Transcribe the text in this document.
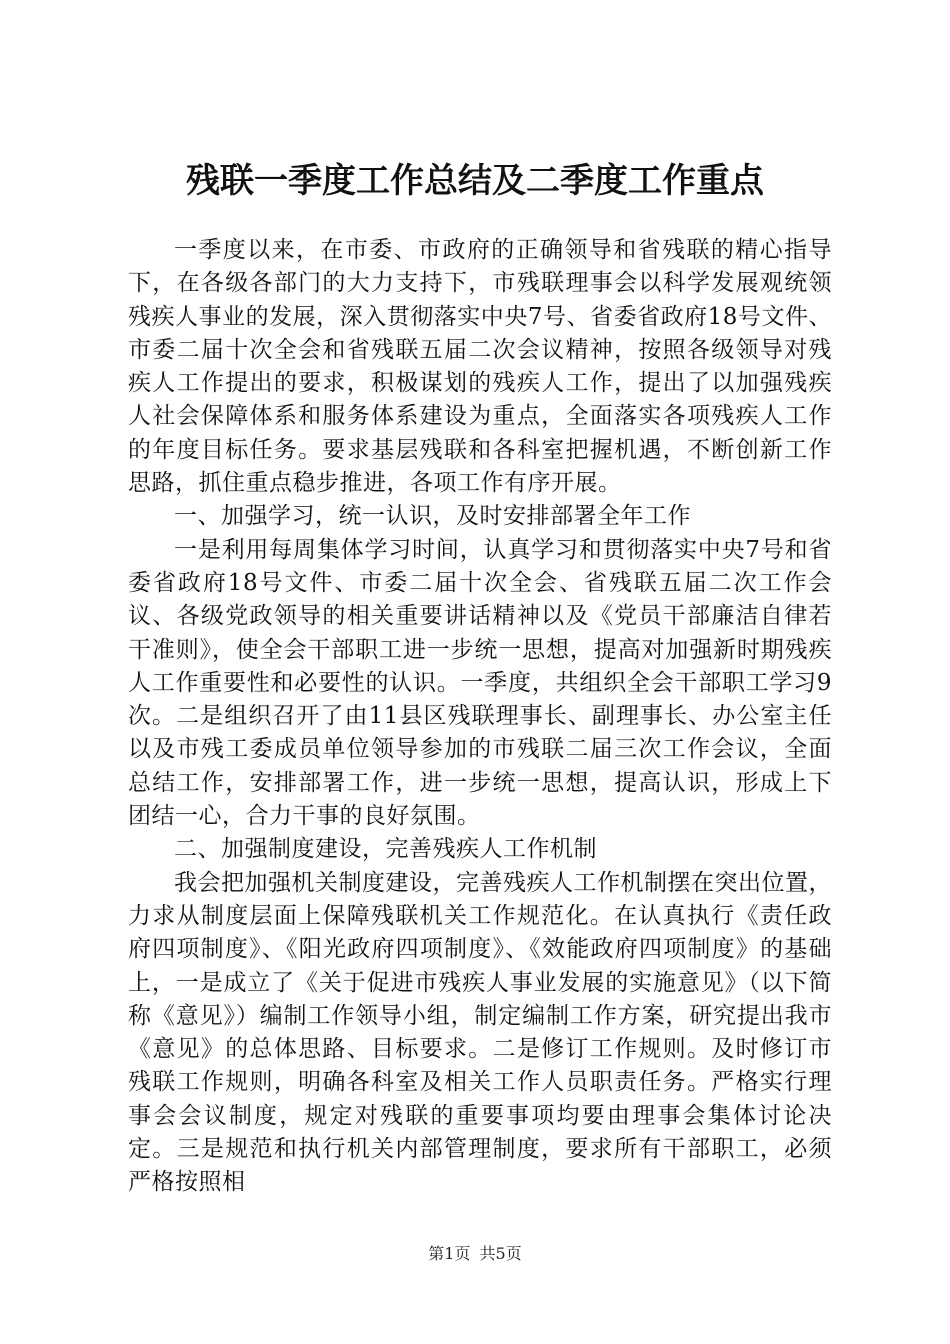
残联一季度工作总结及二季度工作重点

一季度以来，在市委、市政府的正确领导和省残联的精心指导下，在各级各部门的大力支持下，市残联理事会以科学发展观统领残疾人事业的发展，深入贯彻落实中央7号、省委省政府18号文件、市委二届十次全会和省残联五届二次会议精神，按照各级领导对残疾人工作提出的要求，积极谋划的残疾人工作，提出了以加强残疾人社会保障体系和服务体系建设为重点，全面落实各项残疾人工作的年度目标任务。要求基层残联和各科室把握机遇，不断创新工作思路，抓住重点稳步推进，各项工作有序开展。

一、加强学习，统一认识，及时安排部署全年工作

一是利用每周集体学习时间，认真学习和贯彻落实中央7号和省委省政府18号文件、市委二届十次全会、省残联五届二次工作会议、各级党政领导的相关重要讲话精神以及《党员干部廉洁自律若干准则》，使全会干部职工进一步统一思想，提高对加强新时期残疾人工作重要性和必要性的认识。一季度，共组织全会干部职工学习9次。二是组织召开了由11县区残联理事长、副理事长、办公室主任以及市残工委成员单位领导参加的市残联二届三次工作会议，全面总结工作，安排部署工作，进一步统一思想，提高认识，形成上下团结一心，合力干事的良好氛围。

二、加强制度建设，完善残疾人工作机制

我会把加强机关制度建设，完善残疾人工作机制摆在突出位置，力求从制度层面上保障残联机关工作规范化。在认真执行《责任政府四项制度》、《阳光政府四项制度》、《效能政府四项制度》的基础上，一是成立了《关于促进市残疾人事业发展的实施意见》（以下简称《意见》）编制工作领导小组，制定编制工作方案，研究提出我市《意见》的总体思路、目标要求。二是修订工作规则。及时修订市残联工作规则，明确各科室及相关工作人员职责任务。严格实行理事会会议制度，规定对残联的重要事项均要由理事会集体讨论决定。三是规范和执行机关内部管理制度，要求所有干部职工，必须严格按照相

第1页 共5页
